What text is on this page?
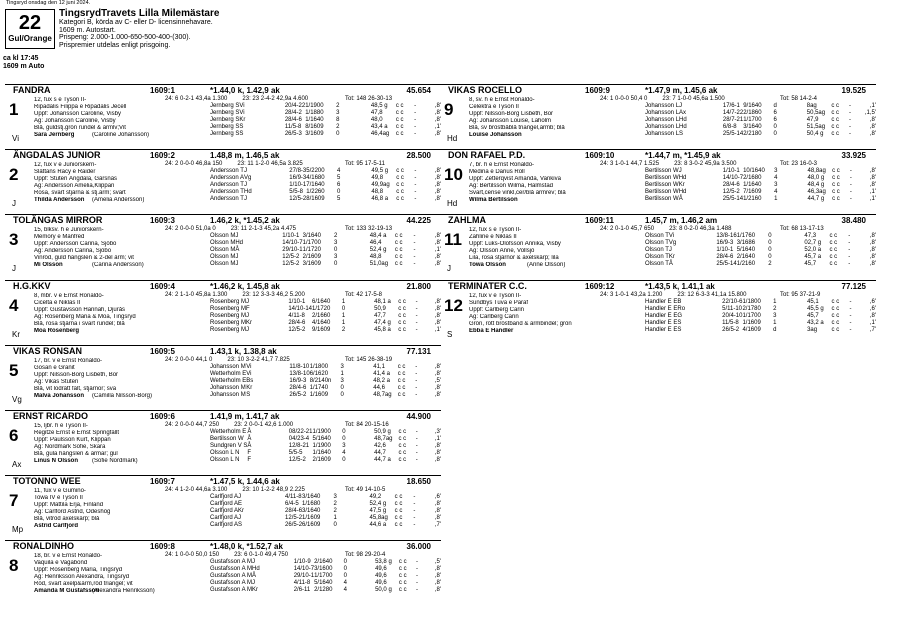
Tingsryd onsdag den 12 juni 2024.
22
Gul/Orange
TingsrydTravets Lilla Milemästare
Kategori B, körda av C- eller D- licensinnehavare.
1609 m. Autostart.
Prispeng: 2.000-1.000-650-500-400-(300).
Prispremier utdelas enligt prisgoing.
ca kl 17:45
1609 m Auto
FANDRA	1609:1	*1.44,0 k, 1.42,9 ak	45.654
1
Vi
24: 6 0-2-1 43,4a 1.300	23: 23 2-4-2 42,9a 4.600	Tot: 148 26-30-13
12, fux s e Tyson II-
Ripadalis Filippa e Ripadalis Jecell
Uppf: Johansson Caroline, Visby
Äg: Johansson Caroline, Visby
Blå, guldstj.grön rundel & ärmlv;Vit
Sara Jernberg	(Caroline Johansson)
Jernberg S	Vi	20/4-22	1/1900	2	48,5 g	c c	-	,8'
Jernberg S	Vi	28/4-2	1/1880	3	47,8	c c	-	,8'
Jernberg S	Kr	28/4-6	1/1640	8	48,0	c c	-	,8'
Jernberg S	S	11/5-8	8/1609	2	43,4 a	c c	-	,1'
Jernberg S	S	26/5-3	3/1609	0	46,4ag	c c	-	,8'
ÄNGDALAS JUNIOR	1609:2	1.48,8 m, 1.46,5 ak	28.500
2
J
24: 2 0-0-0 46,8a 150	23: 11 1-2-0 46,5a 3.825	Tot: 95 17-5-11
12, fux v e Juniorskern-
Slättans Racy e Raider
Uppf: Stuteri Ängdala, Gärsnäs
Äg: Andersson Amelia,Klippan
Rosa, svart stjärna & stj.ärm; svart
Thilda Andersson (Amelia Andersson)
Andersson T	J	27/8-3	5/2200	4	49,5 g	c c	-	,8'
Andersson A	Vg	16/9-3	4/1680	5	49,8	c c	-	,8'
Andersson T	J	1/10-1	7/1640	6	49,9ag	c c	-	,8'
Andersson T	Hd	5/5-8	1/2260	0	48,8	c c	-	,8'
Andersson T	J	12/5-2	8/1609	5	46,8 a	c c	-	,8'
TOLÄNGAS MIRROR	1609:3	1.46,2 k, *1.45,2 ak	44.225
3
J
24: 2 0-0-0 51,0a 0	23: 11 2-1-3 45,2a 4.475	Tot: 133 32-19-13
15, blksv. h e Juniorskern-
Memory e Manfred
Uppf: Andersson Carina, Sjöbo
Äg: Andersson Carina, Sjöbo
Vinröd, guld hängslen & 2-del ärm; vit
Mi Olsson	(Carina Andersson)
Olsson M	J	1/10-1	3/1640	2	48,4 a	c c	-	,8'
Olsson M	Hd	14/10-7	1/1700	3	46,4	c c	-	,8'
Olsson M	Å	29/10-1	1/1720	0	52,4 g	c c	-	,1'
Olsson M	J	12/5-2	2/1609	3	48,8	c c	-	,8'
Olsson M	J	12/5-2	3/1609	0	51,0ag	c c	-	,8'
H.G.KKV	1609:4	*1.46,2 k, 1.45,8 ak	21.800
4
Kr
24: 2 1-1-0 45,8a 1.300	23: 12 3-3-3 46,2 5.200	Tot: 42 17-5-8
8, mbr. v e Ernst Ronaldo-
Cicelta e Niklas II
Uppf: Gustavsson Hannah, Djurås
Äg: Rosenberg Maria & Moa, Tingsryd
Blå, rosa stjärna i svart rundel; blå
Moa Rosenberg
Rosenberg M	J	1/10-1	6/1640	1	48,1 a	c c	-	,8'
Rosenberg M	F	14/10-14	1/1720	0	50,9	c c	-	,8'
Rosenberg M	J	4/11-8	2/1660	1	47,7	c c	-	,8'
Rosenberg M	Kr	28/4-6	4/1640	1	47,4 g	c c	-	,8'
Rosenberg M	J	12/5-2	9/1609	2	45,8 a	c c	-	,1'
VIKAS RONSAN	1609:5	1.43,1 k, 1.38,8 ak	77.131
5
Vg
24: 2 0-0-0 44,1 0	23: 10 3-2-2 41,7 7.825	Tot: 145 26-38-19
17, br. v e Ernst Ronaldo-
Gosan e Granit
Uppf: Nilsson-Borg Lisbeth, Bor
Äg: Vikas Stuteri
Blå, vit lodrätt fält, stjärnor; sva
Malva Johansson (Camilla Nilsson-Borg)
Johansson M	Vi	11/8-10	1/1800	3	41,1	c c	-	,8'
Wetterholm E	Vi	13/8-10	6/1620	1	41,4 a	c c	-	,8'
Wetterholm E	Bs	16/9-3	8/2140n	3	48,2 a	c c	-	,5'
Johansson M	Kr	28/4-6	1/1740	0	44,6	c c	-	,8'
Johansson M	S	26/5-2	1/1609	0	48,7ag	c c	-	,8'
ERNST RICARDO	1609:6	1.41,9 m, 1.41,7 ak	44.900
6
Ax
24: 2 0-0-0 44,7 250	23: 2 0-0-1 42,6 1.000	Tot: 84 20-15-16
15, ljbr. h e Tyson II-
Regitze Ernst e Ernst Springfällt
Uppf: Paulsson Kurt, Klippan
Äg: Nordmark Sofie, Skara
Blå, gula hängslen & ärmar; gul
Linus N Olsson (Sofie Nordmark)
Wetterholm E	Å	08/22-21	1/1900	0	50,9 g	c c	-	,3'
Bertilsson W	Å	04/23-4	5/1640	0	48,7ag	c c	-	,1'
Sundgren V S	Å	12/8-21	1/1900	3	42,6	c c	-	,8'
Olsson L N	F	5/5-5	1/1640	4	44,7	c c	-	,8'
Olsson L N	F	12/5-2	2/1609	0	44,7 a	c c	-	,8'
TOTONNO WEE	1609:7	*1.47,5 k, 1.44,6 ak	18.650
7
Mp
24: 4 1-2-0 44,6a 3.100	23: 10 1-2-2 48,9 2.225	Tot: 49 14-10-5
11, fux v e Gumino-
Towa IV e Tyson II
Uppf: Mattila Erja, Finland
Äg: Carlford Astrid, Ödeshög
Blå, vitröd axelskärp; blå
Astrid Carlfjord
Carlfjord A	J	4/11-8	3/1640	3	49,2	c c	-	,6'
Carlfjord A	E	6/4-5	1/1680	2	52,4 g	c c	-	,8'
Carlfjord A	Kr	28/4-6	3/1640	2	47,5 g	c c	-	,8'
Carlfjord A	J	12/5-2	1/1609	1	45,8ag	c c	-	,8'
Carlfjord A	S	26/5-2	6/1609	0	44,6 a	c c	-	,7'
RONALDINHO	1609:8	*1.48,0 k, *1.52,7 ak	36.000
8
24: 1 0-0-0 50,0 150	23: 6 0-1-0 49,4 750	Tot: 98 29-20-4
18, br. v e Ernst Ronaldo-
Vaquila e Vagabond
Uppf: Rosenberg Maria, Tingsryd
Äg: Henriksson Alexandra, Tingsryd
Röd, svart axelp&ärm,röd triangel; vit
Amanda M Gustafsson
(Alexandra Henriksson)
Gustafsson A M	J	1/10-9	2/1640	0	53,8 g	c c	-	,5'
Gustafsson A M	Hd	14/10-7	3/1600	0	49,6	c c	-	,8'
Gustafsson A M	Å	29/10-1	1/1700	0	49,6	c c	-	,8'
Gustafsson A M	J	4/11-8	5/1640	4	49,6	c c	-	,8'
Gustafsson A M	Kr	2/6-11	2/1280	4	50,0 g	c c	-	,8'
VIKAS ROCELLO	1609:9	*1.47,9 m, 1.45,6 ak	19.525
9
Hd
24: 1 0-0-0 50,4 0	23: 7 1-0-0 45,6a 1.500	Tot: 58 14-2-4
8, sv. h e Ernst Ronaldo-
Celektra e Tyson II
Uppf: Nilsson-Borg Lisbeth, Bor
Äg: Johansson Louise, Laholm
Blå, sv bröstbåblå triangel,ärmb; blå
Louise Johansson
Johansson L	J	17/6-1	9/1640	d	8ag	c c	-	,1'
Johansson L	Ax	14/7-22	2/1860	6	50,5ag	c c	-	,1,5'
Johansson L	Hd	28/7-21	1/1700	6	47,9	c c	-	,8'
Johansson L	Hd	6/8-8	3/1640	0	51,5ag	c c	-	,8'
Johansson L	S	25/5-14	2/2180	0	50,4 g	c c	-	,8'
DON RAFAEL P.D.	1609:10	*1.44,7 m, *1.45,9 ak	33.925
10
Hd
24: 3 1-0-1 44,7 1.525	23: 8 3-0-2 45,9a 3.500	Tot: 23 16-0-3
7, br. h e Ernst Ronaldo-
Medina e Darius Roll
Uppf: Zetterqvist Amanda, Vankiva
Äg: Bertilsson Wilma, Halmstad
Svart,cerise vinkl,cer/blå ärmrev; blå
Wilma Bertilsson
Bertilsson W	J	1/10-1	10/1640	3	48,8ag	c c	-	,8'
Bertilsson W	Hd	14/10-7	2/1680	4	48,0 g	c c	-	,8'
Bertilsson W	Kr	28/4-6	1/1640	3	48,4 g	c c	-	,8'
Bertilsson W	Hd	12/5-2	7/1609	4	46,3ag	c c	-	,1'
Bertilsson W	Å	25/5-14	1/2160	1	44,7 g	c c	-	,1'
ZAHLMA	1609:11	1.45,7 m, 1.46,2 am	38.480
11
J
24: 2 0-1-0 45,7 650	23: 8 0-2-0 46,3a 1.488	Tot: 68 13-17-13
12, fux s e Tyson II-
Zahline e Niklas II
Uppf: Luks-Olofsson Annika, Visby
Äg: Olsson Anne, Vollsjö
Lila, rosa stjärnor & axelskärp; lila
Towa Olsson	(Anne Olsson)
Olsson T	Vi	13/8-16	1/1760	0	47,3	c c	-	,8'
Olsson T	Vg	16/9-3	3/1686	0	02,7 g	c c	-	,8'
Olsson T	J	1/10-1	5/1640	0	52,0 a	c c	-	,8'
Olsson T	Kr	28/4-6	2/1640	0	45,7 a	c c	-	,8'
Olsson T	Å	25/5-14	1/2160	2	45,7	c c	-	,8'
TERMINATER C.C.	1609:12	*1.43,5 k, 1.41,1 ak	77.125
12
S
24: 3 1-0-1 43,2a 1.200	23: 12 6-3-3 41,1a 15.800	Tot: 95 37-21-9
12, fux v e Tyson II-
Sundbys Tuva e Paraf
Uppf: Carlberg Carin
Äg: Carlberg Carin
Grön, rött bröstband & ärmbindel; grön
Ebba E Handler
Handler E E	B	22/10-6	1/1800	1	45,1	c c	-	,6'
Handler E E	Ro	5/11-10	2/1780	2	45,5 g	c c	-	,6'
Handler E E	G	20/4-10	1/1700	3	45,7	c c	-	,8'
Handler E E	S	11/5-8	1/1609	1	43,2 a	c c	-	,1'
Handler E E	S	26/5-2	4/1609	d	3ag	c c	-	,7'
